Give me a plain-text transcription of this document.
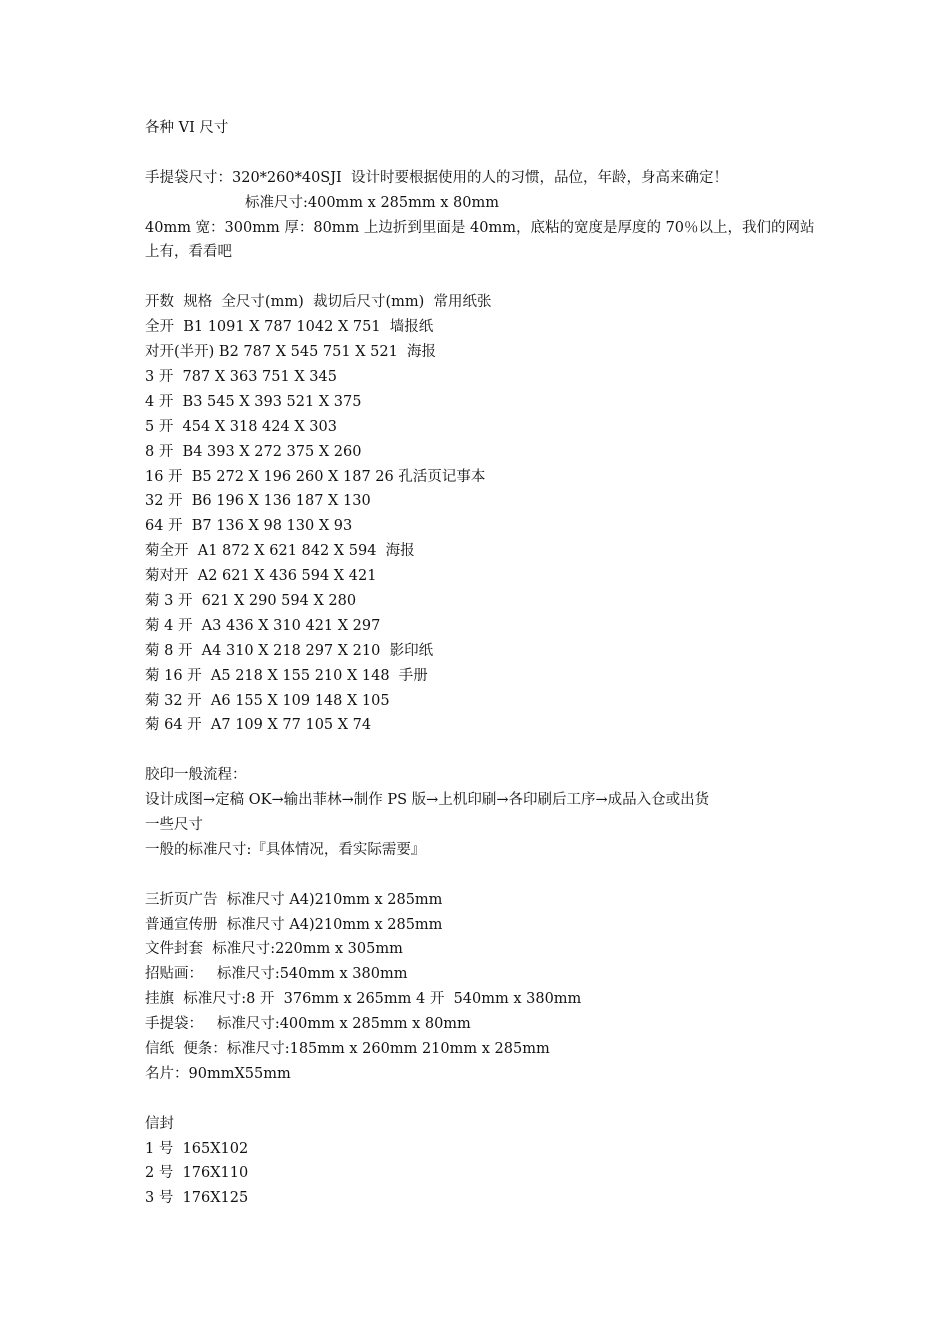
各种 VI 尺寸
手提袋尺寸：320*260*40SJI  设计时要根据使用的人的习惯，品位，年龄，身高来确定！
标准尺寸:400mm x 285mm x 80mm
40mm 宽：300mm 厚：80mm 上边折到里面是 40mm，底粘的宽度是厚度的 70％以上，我们的网站上有，看看吧
开数  规格  全尺寸(mm)  裁切后尺寸(mm)  常用纸张
全开  B1 1091 X 787 1042 X 751  墙报纸
对开(半开) B2 787 X 545 751 X 521  海报
3 开  787 X 363 751 X 345
4 开  B3 545 X 393 521 X 375
5 开  454 X 318 424 X 303
8 开  B4 393 X 272 375 X 260
16 开  B5 272 X 196 260 X 187 26 孔活页记事本
32 开  B6 196 X 136 187 X 130
64 开  B7 136 X 98 130 X 93
菊全开  A1 872 X 621 842 X 594  海报
菊对开  A2 621 X 436 594 X 421
菊 3 开  621 X 290 594 X 280
菊 4 开  A3 436 X 310 421 X 297
菊 8 开  A4 310 X 218 297 X 210  影印纸
菊 16 开  A5 218 X 155 210 X 148  手册
菊 32 开  A6 155 X 109 148 X 105
菊 64 开  A7 109 X 77 105 X 74
胶印一般流程：
设计成图→定稿 OK→输出菲林→制作 PS 版→上机印刷→各印刷后工序→成品入仓或出货
一些尺寸
一般的标准尺寸:『具体情况，看实际需要』
三折页广告  标准尺寸 A4)210mm x 285mm
普通宣传册  标准尺寸 A4)210mm x 285mm
文件封套  标准尺寸:220mm x 305mm
招贴画：   标准尺寸:540mm x 380mm
挂旗  标准尺寸:8 开  376mm x 265mm 4 开  540mm x 380mm
手提袋：   标准尺寸:400mm x 285mm x 80mm
信纸  便条：标准尺寸:185mm x 260mm 210mm x 285mm
名片：90mmX55mm
信封
1 号  165X102
2 号  176X110
3 号  176X125
